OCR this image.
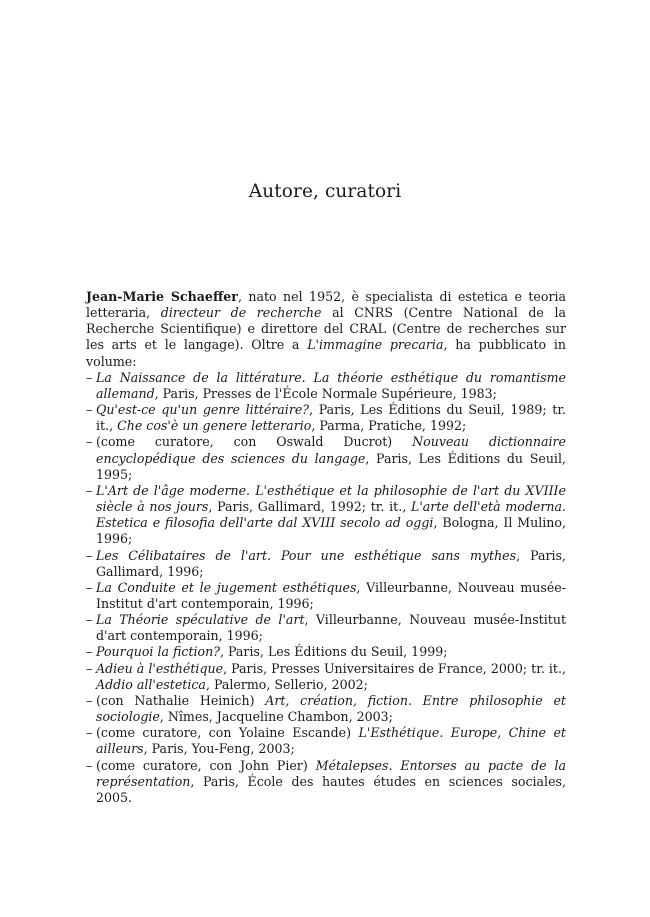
Autore, curatori

Jean-Marie Schaeffer, nato nel 1952, è specialista di estetica e teoria letteraria, directeur de recherche al CNRS (Centre National de la Recherche Scientifique) e direttore del CRAL (Centre de recherches sur les arts et le langage). Oltre a L'immagine precaria, ha pubblicato in volume:

– La Naissance de la littérature. La théorie esthétique du romantisme allemand, Paris, Presses de l'École Normale Supérieure, 1983;
– Qu'est-ce qu'un genre littéraire?, Paris, Les Éditions du Seuil, 1989; tr. it., Che cos'è un genere letterario, Parma, Pratiche, 1992;
– (come curatore, con Oswald Ducrot) Nouveau dictionnaire encyclopédique des sciences du langage, Paris, Les Éditions du Seuil, 1995;
– L'Art de l'âge moderne. L'esthétique et la philosophie de l'art du XVIIIe siècle à nos jours, Paris, Gallimard, 1992; tr. it., L'arte dell'età moderna. Estetica e filosofia dell'arte dal XVIII secolo ad oggi, Bologna, Il Mulino, 1996;
– Les Célibataires de l'art. Pour une esthétique sans mythes, Paris, Gallimard, 1996;
– La Conduite et le jugement esthétiques, Villeurbanne, Nouveau musée-Institut d'art contemporain, 1996;
– La Théorie spéculative de l'art, Villeurbanne, Nouveau musée-Institut d'art contemporain, 1996;
– Pourquoi la fiction?, Paris, Les Éditions du Seuil, 1999;
– Adieu à l'esthétique, Paris, Presses Universitaires de France, 2000; tr. it., Addio all'estetica, Palermo, Sellerio, 2002;
– (con Nathalie Heinich) Art, création, fiction. Entre philosophie et sociologie, Nîmes, Jacqueline Chambon, 2003;
– (come curatore, con Yolaine Escande) L'Esthétique. Europe, Chine et ailleurs, Paris, You-Feng, 2003;
– (come curatore, con John Pier) Métalepses. Entorses au pacte de la représentation, Paris, École des hautes études en sciences sociales, 2005.
